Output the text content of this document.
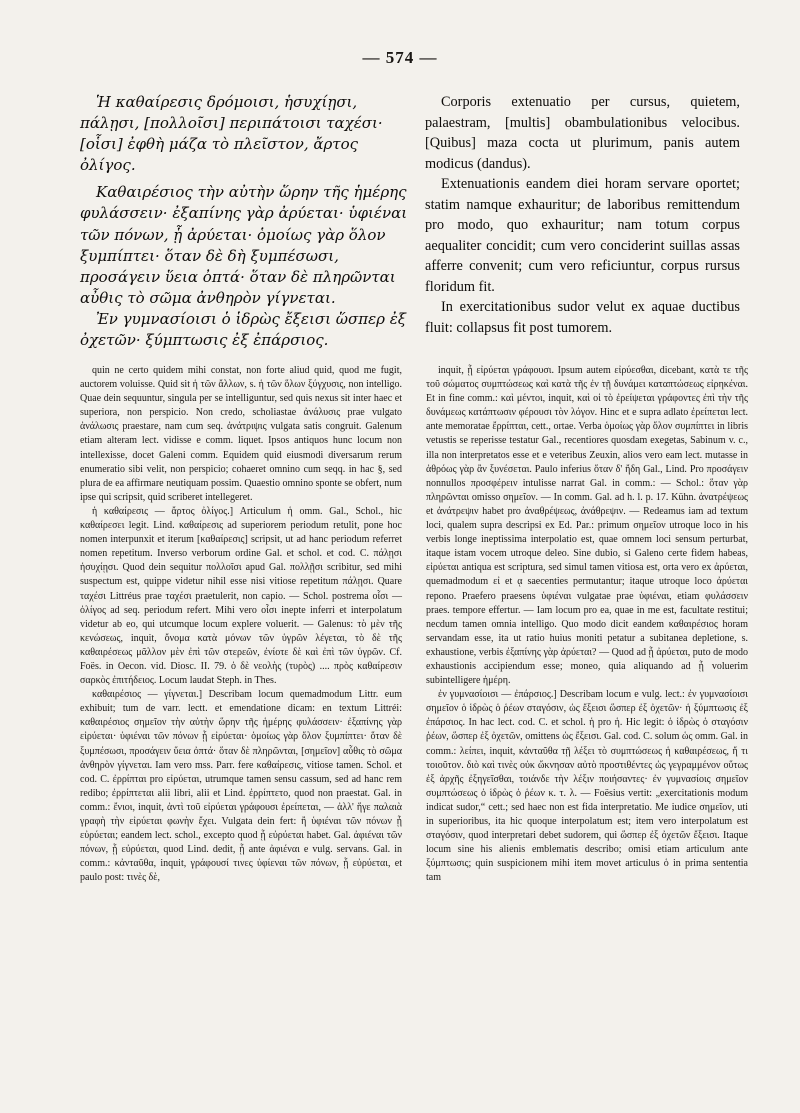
— 574 —

Ἡ καθαίρεσις δρόμοισι, ἡσυχίῃσι, πάλῃσι, [πολλοῖσι] περιπάτοισι ταχέσι· [οἷσι] ἐφθὴ μάζα τὸ πλεῖστον, ἄρτος ὀλίγος.

Καθαιρέσιος τὴν αὐτὴν ὥρην τῆς ἡμέρης φυλάσσειν· ἐξαπίνης γὰρ ἀρύεται· ὑφιέναι τῶν πόνων, ᾗ ἀρύεται· ὁμοίως γὰρ ὅλον ξυμπίπτει· ὅταν δὲ δὴ ξυμπέσωσι, προσάγειν ὕεια ὀπτά· ὅταν δὲ πληρῶνται αὖθις τὸ σῶμα ἀνθηρὸν γίγνεται.

Ἐν γυμνασίοισι ὁ ἱδρὼς ἔξεισι ὥσπερ ἐξ ὀχετῶν· ξύμπτωσις ἐξ ἐπάρσιος.

Corporis extenuatio per cursus, quietem, palaestram, [multis] obambulationibus velocibus. [Quibus] maza cocta ut plurimum, panis autem modicus (dandus).

Extenuationis eandem diei horam servare oportet; statim namque exhauritur; de laboribus remittendum pro modo, quo exhauritur; nam totum corpus aequaliter concidit; cum vero conciderint suillas assas afferre convenit; cum vero reficiuntur, corpus rursus floridum fit.

In exercitationibus sudor velut ex aquae ductibus fluit: collapsus fit post tumorem.

quin ne certo quidem mihi constat, non forte aliud quid, quod me fugit, auctorem voluisse. Quid sit ἡ τῶν ἄλλων, s. ἡ τῶν ὅλων ξύγχυσις, non intelligo. Quae dein sequuntur, singula per se intelliguntur, sed quis nexus sit inter haec et superiora, non perspicio. Non credo, scholiastae ἀνάλυσις prae vulgato ἀνάλωσις praestare, nam cum seq. ἀνάτριψις vulgata satis congruit. Galenum etiam alteram lect. vidisse e comm. liquet. Ipsos antiquos hunc locum non intellexisse, docet Galeni comm. Equidem quid eiusmodi diversarum rerum enumeratio sibi velit, non perspicio; cohaeret omnino cum seqq. in hac §, sed plura de ea affirmare neutiquam possim. Quaestio omnino sponte se obfert, num ipse qui scripsit, quid scriberet intellegeret.

ἡ καθαίρεσις — ἄρτος ὀλίγος.] Articulum ἡ omm. Gal., Schol., hic καθαίρεσει legit. Lind. καθαίρεσις ad superiorem periodum retulit, pone hoc nomen interpunxit et iterum [καθαίρεσις] scripsit, ut ad hanc periodum referret nomen repetitum. Inverso verborum ordine Gal. et schol. et cod. C. πάλῃσι ἡσυχίῃσι. Quod dein sequitur πολλοῖσι apud Gal. πολλῇσι scribitur, sed mihi suspectum est, quippe videtur nihil esse nisi vitiose repetitum πάλῃσι. Quare ταχέσι Littréus prae ταχέσι praetulerit, non capio. — Schol. postrema οἷσι — ὀλίγος ad seq. periodum refert. Mihi vero οἷσι inepte inferri et interpolatum videtur ab eo, qui utcumque locum explere voluerit. — Galenus: τὸ μὲν τῆς κενώσεως, inquit, ὄνομα κατὰ μόνων τῶν ὑγρῶν λέγεται, τὸ δὲ τῆς καθαιρέσεως μᾶλλον μὲν ἐπὶ τῶν στερεῶν, ἐνίοτε δὲ καὶ ἐπὶ τῶν ὑγρῶν. Cf. Foës. in Oecon. vid. Diosc. II. 79. ὁ δὲ νεολὴς (τυρὸς) .... πρὸς καθαίρεσιν σαρκὸς ἐπιτήδειος. Locum laudat Steph. in Thes.

καθαιρέσιος — γίγνεται.] Describam locum quemadmodum Littr. eum exhibuit; tum de varr. lectt. et emendatione dicam: en textum Littréi: καθαιρέσιος σημεῖον τὴν αὐτὴν ὥρην τῆς ἡμέρης φυλάσσειν· ἐξαπίνης γὰρ εἰρύεται· ὑφιέναι τῶν πόνων ᾗ εἰρύεται· ὁμοίως γὰρ ὅλον ξυμπίπτει· ὅταν δὲ ξυμπέσωσι, προσάγειν ὕεια ὀπτά· ὅταν δὲ πληρῶνται, [σημεῖον] αὖθις τὸ σῶμα ἀνθηρὸν γίγνεται. Iam vero mss. Parr. fere καθαίρεσις, vitiose tamen. Schol. et cod. C. ἐρρίπται pro εἰρύεται, utrumque tamen sensu cassum, sed ad hanc rem redibo; ἐρρίπτεται alii libri, alii et Lind. ἐρρίπτετο, quod non praestat. Gal. in comm.: ἔνιοι, inquit, ἀντὶ τοῦ εἰρύεται γράφουσι ἐρείπεται, — ἀλλ' ἥγε παλαιὰ γραφὴ τὴν εἰρύεται φωνὴν ἔχει. Vulgata dein fert: ἢ ὑφιέναι τῶν πόνων ᾗ εὐρύεται; eandem lect. schol., excepto quod ᾗ εὐρύεται habet. Gal. ἀφιέναι τῶν πόνων, ᾗ εὐρύεται, quod Lind. dedit, ᾗ ante ἀφιέναι e vulg. servans. Gal. in comm.: κἀνταῦθα, inquit, γράφουσί τινες ὑφίεναι τῶν πόνων, ᾗ εὐρύεται, et paulo post: τινὲς δὲ,

inquit, ᾗ εἰρύεται γράφουσι. Ipsum autem εἰρύεσθαι, dicebant, κατὰ τε τῆς τοῦ σώματος συμπτώσεως καὶ κατὰ τῆς ἐν τῇ δυνάμει καταπτώσεως εἰρηκέναι. Et in fine comm.: καὶ μέντοι, inquit, καὶ οἱ τὸ ἐρείψεται γράφοντες ἐπὶ τὴν τῆς δυνάμεως κατάπτωσιν φέρουσι τὸν λόγον. Hinc et e supra adlato ἐρείπεται lect. ante memoratae ἔρρίπται, cett., ortae. Verba ὁμοίως γὰρ ὅλον συμπίπτει in libris vetustis se reperisse testatur Gal., recentiores quosdam exegetas, Sabinum v. c., illa non interpretatos esse et e veteribus Zeuxin, alios vero eam lect. mutasse in ἀθρόως γὰρ ἂν ξυνέσεται. Paulo inferius ὅταν δ' ἤδη Gal., Lind. Pro προσάγειν nonnullos προσφέρειν intulisse narrat Gal. in comm.: — Schol.: ὅταν γὰρ πληρῶνται omisso σημεῖον. — In comm. Gal. ad h. l. p. 17. Kühn. ἀνατρέψεως et ἀνάτρεψιν habet pro ἀναθρέψεως, ἀνάθρεψιν. — Redeamus iam ad textum loci, qualem supra descripsi ex Ed. Par.: primum σημεῖον utroque loco in his verbis longe ineptissima interpolatio est, quae omnem loci sensum perturbat, itaque istam vocem utroque deleo. Sine dubio, si Galeno certe fidem habeas, εἰρύεται antiqua est scriptura, sed simul tamen vitiosa est, orta vero ex ἀρύεται, quemadmodum εἰ et ᾳ saecenties permutantur; itaque utroque loco ἀρύεται repono. Praefero praesens ὑφιέναι vulgatae prae ὑφιέναι, etiam φυλάσσειν praes. tempore effertur. — Iam locum pro ea, quae in me est, facultate restitui; necdum tamen omnia intelligo. Quo modo dicit eandem καθαιρέσιος horam servandam esse, ita ut ratio huius moniti petatur a subitanea depletione, s. exhaustione, verbis ἐξαπίνης γὰρ ἀρύεται? — Quod ad ᾗ ἀρύεται, puto de modo exhaustionis accipiendum esse; moneo, quia aliquando ad ᾗ voluerim subintelligere ἡμέρη.

ἐν γυμνασίοισι — ἐπάρσιος.] Describam locum e vulg. lect.: ἐν γυμνασίοισι σημεῖον ὁ ἱδρὼς ὁ ῥέων σταγόσιν, ὡς ἔξεισι ὥσπερ ἐξ ὀχετῶν· ἡ ξύμπτωσις ἐξ ἐπάρσιος. In hac lect. cod. C. et schol. ἡ pro ἡ. Hic legit: ὁ ἱδρὼς ὁ σταγόσιν ῥέων, ὥσπερ ἐξ ὀχετῶν, omittens ὡς ἔξεισι. Gal. cod. C. solum ὡς omm. Gal. in comm.: λείπει, inquit, κἀνταῦθα τῇ λέξει τὸ συμπτώσεως ἡ καθαιρέσεως, ἤ τι τοιοῦτον. διὸ καὶ τινὲς οὐκ ὤκνησαν αὐτὸ προστιθέντες ὡς γεγραμμένον οὕτως ἐξ ἀρχῆς ἐξηγεῖσθαι, τοιάνδε τὴν λέξιν ποιήσαντες· ἐν γυμνασίοις σημεῖον συμπτώσεως ὁ ἱδρὼς ὁ ῥέων κ. τ. λ. — Foësius vertit: „exercitationis modum indicat sudor,“ cett.; sed haec non est fida interpretatio. Me iudice σημεῖον, uti in superioribus, ita hic quoque interpolatum est; item vero interpolatum est σταγόσιν, quod interpretari debet sudorem, qui ὥσπερ ἐξ ὀχετῶν ἔξεισι. Itaque locum sine his alienis emblematis describo; omisi etiam articulum ante ξύμπτωσις; quin suspicionem mihi item movet articulus ὁ in prima sententia tam
